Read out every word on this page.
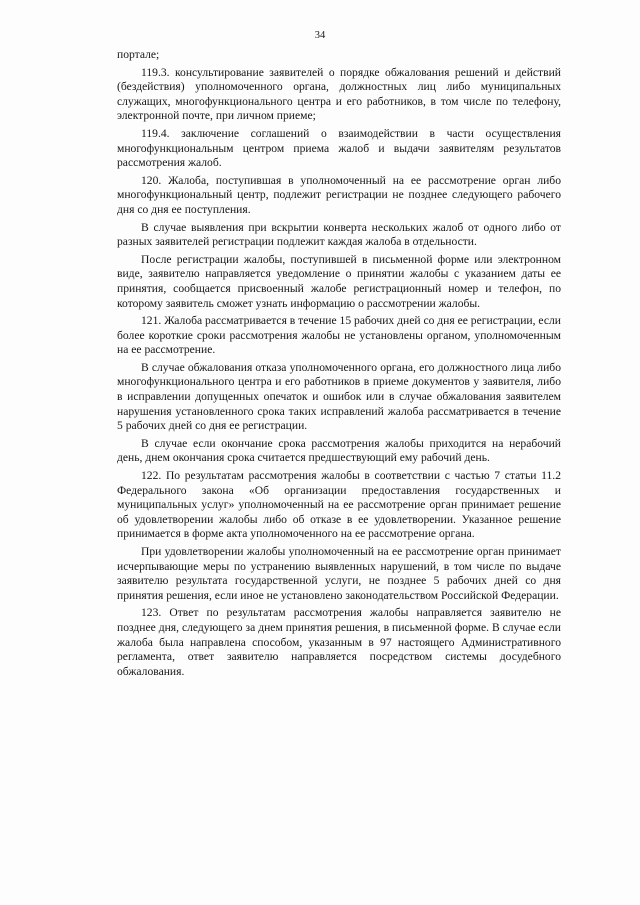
34

порталe;

119.3. консультирование заявителей о порядке обжалования решений и действий (бездействия) уполномоченного органа, должностных лиц либо муниципальных служащих, многофункционального центра и его работников, в том числе по телефону, электронной почте, при личном приеме;

119.4. заключение соглашений о взаимодействии в части осуществления многофункциональным центром приема жалоб и выдачи заявителям результатов рассмотрения жалоб.

120. Жалоба, поступившая в уполномоченный на ее рассмотрение орган либо многофункциональный центр, подлежит регистрации не позднее следующего рабочего дня со дня ее поступления.

В случае выявления при вскрытии конверта нескольких жалоб от одного либо от разных заявителей регистрации подлежит каждая жалоба в отдельности.

После регистрации жалобы, поступившей в письменной форме или электронном виде, заявителю направляется уведомление о принятии жалобы с указанием даты ее принятия, сообщается присвоенный жалобе регистрационный номер и телефон, по которому заявитель сможет узнать информацию о рассмотрении жалобы.

121. Жалоба рассматривается в течение 15 рабочих дней со дня ее регистрации, если более короткие сроки рассмотрения жалобы не установлены органом, уполномоченным на ее рассмотрение.

В случае обжалования отказа уполномоченного органа, его должностного лица либо многофункционального центра и его работников в приеме документов у заявителя, либо в исправлении допущенных опечаток и ошибок или в случае обжалования заявителем нарушения установленного срока таких исправлений жалоба рассматривается в течение 5 рабочих дней со дня ее регистрации.

В случае если окончание срока рассмотрения жалобы приходится на нерабочий день, днем окончания срока считается предшествующий ему рабочий день.

122. По результатам рассмотрения жалобы в соответствии с частью 7 статьи 11.2 Федерального закона «Об организации предоставления государственных и муниципальных услуг» уполномоченный на ее рассмотрение орган принимает решение об удовлетворении жалобы либо об отказе в ее удовлетворении. Указанное решение принимается в форме акта уполномоченного на ее рассмотрение органа.

При удовлетворении жалобы уполномоченный на ее рассмотрение орган принимает исчерпывающие меры по устранению выявленных нарушений, в том числе по выдаче заявителю результата государственной услуги, не позднее 5 рабочих дней со дня принятия решения, если иное не установлено законодательством Российской Федерации.

123. Ответ по результатам рассмотрения жалобы направляется заявителю не позднее дня, следующего за днем принятия решения, в письменной форме. В случае если жалоба была направлена способом, указанным в 97 настоящего Административного регламента, ответ заявителю направляется посредством системы досудебного обжалования.
